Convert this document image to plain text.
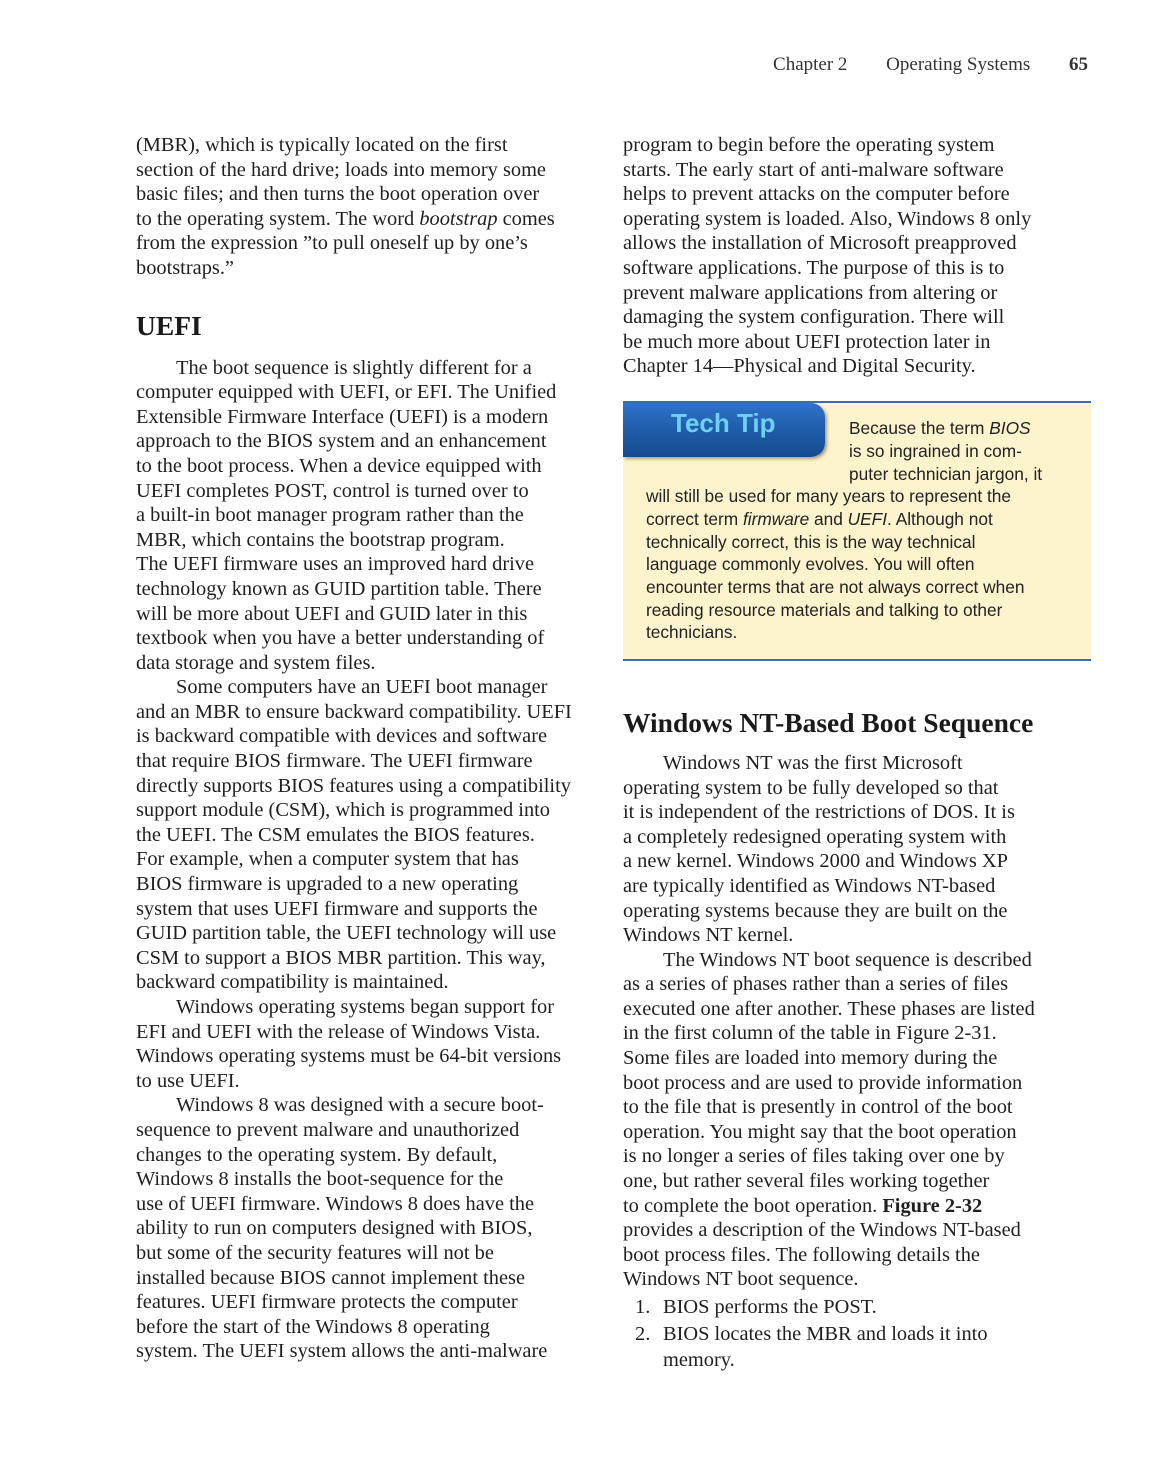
Chapter 2 Operating Systems 65

(MBR), which is typically located on the first
section of the hard drive; loads into memory some
basic files; and then turns the boot operation over
to the operating system. The word bootstrap comes
from the expression ”to pull oneself up by one’s
bootstraps.”

UEFI

The boot sequence is slightly different for a
computer equipped with UEFI, or EFI. The Unified
Extensible Firmware Interface (UEFI) is a modern
approach to the BIOS system and an enhancement
to the boot process. When a device equipped with
UEFI completes POST, control is turned over to
a built-in boot manager program rather than the
MBR, which contains the bootstrap program.
The UEFI firmware uses an improved hard drive
technology known as GUID partition table. There
will be more about UEFI and GUID later in this
textbook when you have a better understanding of
data storage and system files.

Some computers have an UEFI boot manager
and an MBR to ensure backward compatibility. UEFI
is backward compatible with devices and software
that require BIOS firmware. The UEFI firmware
directly supports BIOS features using a compatibility
support module (CSM), which is programmed into
the UEFI. The CSM emulates the BIOS features.
For example, when a computer system that has
BIOS firmware is upgraded to a new operating
system that uses UEFI firmware and supports the
GUID partition table, the UEFI technology will use
CSM to support a BIOS MBR partition. This way,
backward compatibility is maintained.

Windows operating systems began support for
EFI and UEFI with the release of Windows Vista.
Windows operating systems must be 64-bit versions
to use UEFI.

Windows 8 was designed with a secure boot-
sequence to prevent malware and unauthorized
changes to the operating system. By default,
Windows 8 installs the boot-sequence for the
use of UEFI firmware. Windows 8 does have the
ability to run on computers designed with BIOS,
but some of the security features will not be
installed because BIOS cannot implement these
features. UEFI firmware protects the computer
before the start of the Windows 8 operating
system. The UEFI system allows the anti-malware

program to begin before the operating system
starts. The early start of anti-malware software
helps to prevent attacks on the computer before
operating system is loaded. Also, Windows 8 only
allows the installation of Microsoft preapproved
software applications. The purpose of this is to
prevent malware applications from altering or
damaging the system configuration. There will
be much more about UEFI protection later in
Chapter 14—Physical and Digital Security.

Tech Tip	Because the term BIOS
is so ingrained in com-
puter technician jargon, it
will still be used for many years to represent the
correct term firmware and UEFI. Although not
technically correct, this is the way technical
language commonly evolves. You will often
encounter terms that are not always correct when
reading resource materials and talking to other
technicians.
Windows NT-Based Boot Sequence

Windows NT was the first Microsoft
operating system to be fully developed so that
it is independent of the restrictions of DOS. It is
a completely redesigned operating system with
a new kernel. Windows 2000 and Windows XP
are typically identified as Windows NT-based
operating systems because they are built on the
Windows NT kernel.

The Windows NT boot sequence is described
as a series of phases rather than a series of files
executed one after another. These phases are listed
in the first column of the table in Figure 2-31.
Some files are loaded into memory during the
boot process and are used to provide information
to the file that is presently in control of the boot
operation. You might say that the boot operation
is no longer a series of files taking over one by
one, but rather several files working together
to complete the boot operation. Figure 2-32
provides a description of the Windows NT-based
boot process files. The following details the
Windows NT boot sequence.

1. BIOS performs the POST.
2. BIOS locates the MBR and loads it into
memory.
